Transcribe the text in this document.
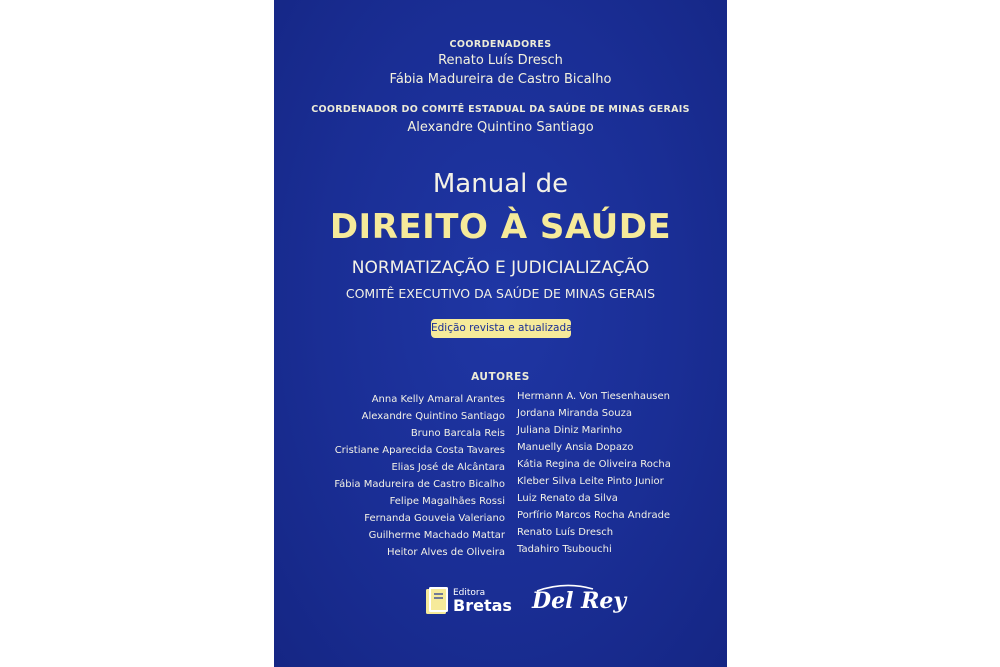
COORDENADORES
Renato Luís Dresch
Fábia Madureira de Castro Bicalho
COORDENADOR DO COMITÊ ESTADUAL DA SAÚDE DE MINAS GERAIS
Alexandre Quintino Santiago
Manual de
DIREITO À SAÚDE
NORMATIZAÇÃO E JUDICIALIZAÇÃO
COMITÊ EXECUTIVO DA SAÚDE DE MINAS GERAIS
Edição revista e atualizada
AUTORES
Anna Kelly Amaral Arantes
Alexandre Quintino Santiago
Bruno Barcala Reis
Cristiane Aparecida Costa Tavares
Elias José de Alcântara
Fábia Madureira de Castro Bicalho
Felipe Magalhães Rossi
Fernanda Gouveia Valeriano
Guilherme Machado Mattar
Heitor Alves de Oliveira
Hermann A. Von Tiesenhausen
Jordana Miranda Souza
Juliana Diniz Marinho
Manuelly Ansia Dopazo
Kátia Regina de Oliveira Rocha
Kleber Silva Leite Pinto Junior
Luiz Renato da Silva
Porfírio Marcos Rocha Andrade
Renato Luís Dresch
Tadahiro Tsubouchi
Editora
Bretas Del Rey
